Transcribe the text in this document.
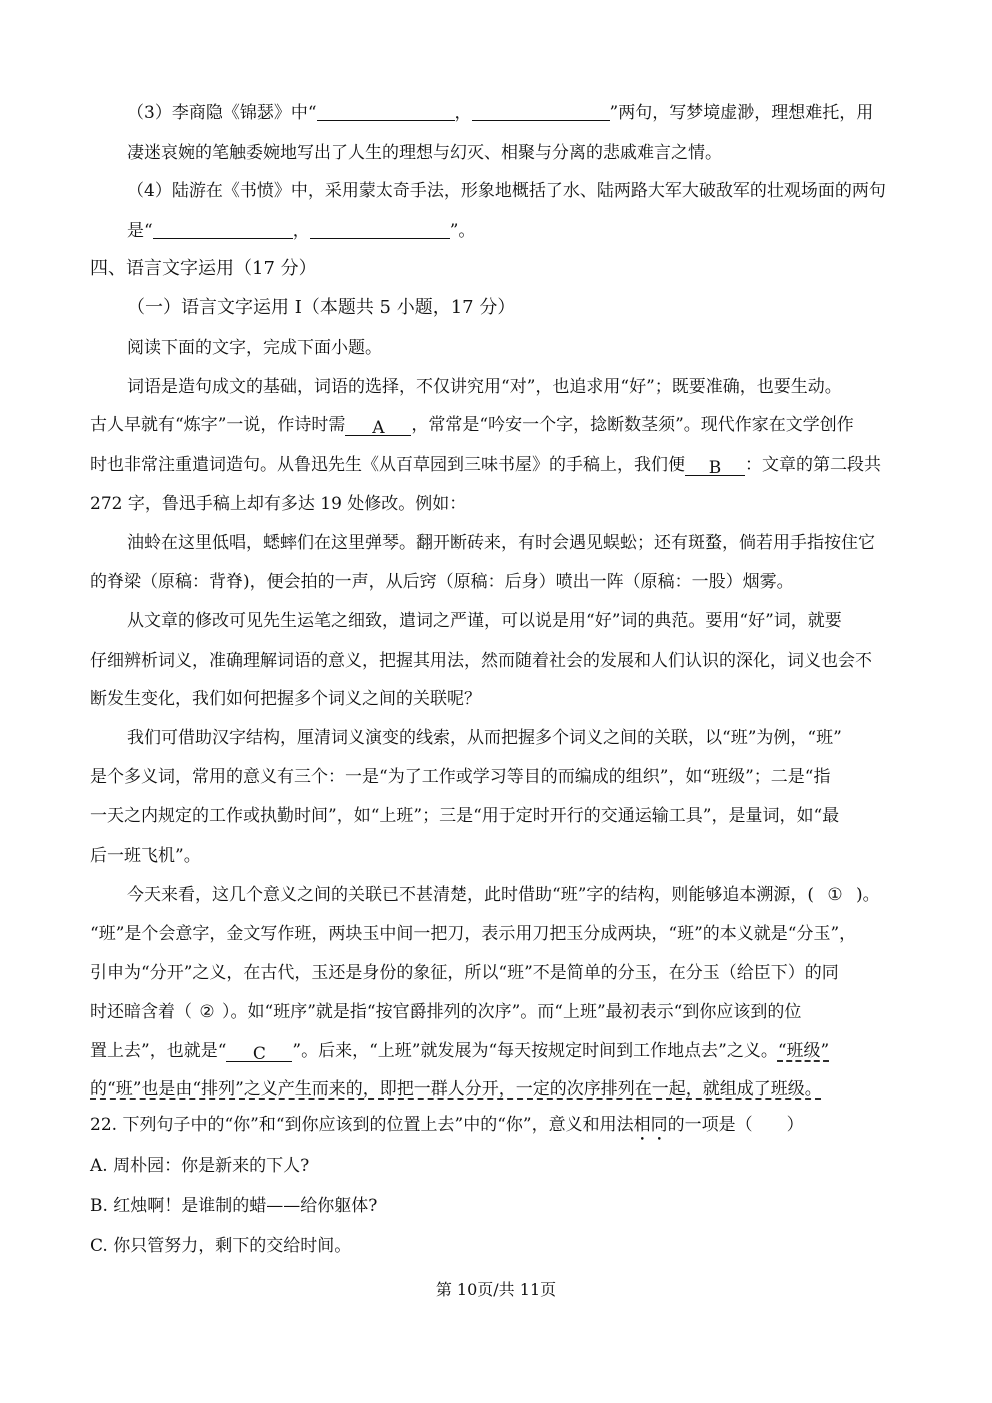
（3）李商隐《锦瑟》中“	，	”两句，写梦境虚渺，理想难托，用
凄迷哀婉的笔触委婉地写出了人生的理想与幻灭、相聚与分离的悲戚难言之情。
（4）陆游在《书愤》中，采用蒙太奇手法，形象地概括了水、陆两路大军大破敌军的壮观场面的两句
是“	，	”。
四、语言文字运用（17 分）
（一）语言文字运用 I（本题共 5 小题，17 分）
阅读下面的文字，完成下面小题。
词语是造句成文的基础，词语的选择，不仅讲究用“对”，也追求用“好”；既要准确，也要生动。
古人早就有“炼字”一说，作诗时需 A ，常常是“吟安一个字，捻断数茎须”。现代作家在文学创作
时也非常注重遣词造句。从鲁迅先生《从百草园到三味书屋》的手稿上，我们便 B ：文章的第二段共
272 字，鲁迅手稿上却有多达 19 处修改。例如：
油蛉在这里低唱，蟋蟀们在这里弹琴。翻开断砖来，有时会遇见蜈蚣；还有斑蝥，倘若用手指按住它
的脊梁（原稿：背脊)，便会拍的一声，从后窍（原稿：后身）喷出一阵（原稿：一股）烟雾。
从文章的修改可见先生运笔之细致，遣词之严谨，可以说是用“好”词的典范。要用“好”词，就要
仔细辨析词义，准确理解词语的意义，把握其用法，然而随着社会的发展和人们认识的深化，词义也会不
断发生变化，我们如何把握多个词义之间的关联呢？
我们可借助汉字结构，厘清词义演变的线索，从而把握多个词义之间的关联，以“班”为例，“班”
是个多义词，常用的意义有三个：一是“为了工作或学习等目的而编成的组织”，如“班级”；二是“指
一天之内规定的工作或执勤时间”，如“上班”；三是“用于定时开行的交通运输工具”，是量词，如“最
后一班飞机”。
今天来看，这几个意义之间的关联已不甚清楚，此时借助“班”字的结构，则能够追本溯源，( ① )。
“班”是个会意字，金文写作班，两块玉中间一把刀，表示用刀把玉分成两块，“班”的本义就是“分玉”，
引申为“分开”之义，在古代，玉还是身份的象征，所以“班”不是简单的分玉，在分玉（给臣下）的同
时还暗含着（ ② ）。如“班序”就是指“按官爵排列的次序”。而“上班”最初表示“到你应该到的位
置上去”，也就是“ C ”。后来，“上班”就发展为“每天按规定时间到工作地点去”之义。“班级”
的“班”也是由“排列”之义产生而来的，即把一群人分开，一定的次序排列在一起，就组成了班级。
22. 下列句子中的“你”和“到你应该到的位置上去”中的“你”，意义和用法相同的一项是（　　）
A. 周朴园：你是新来的下人?
B. 红烛啊！是谁制的蜡——给你躯体?
C. 你只管努力，剩下的交给时间。
第 10页/共 11页
